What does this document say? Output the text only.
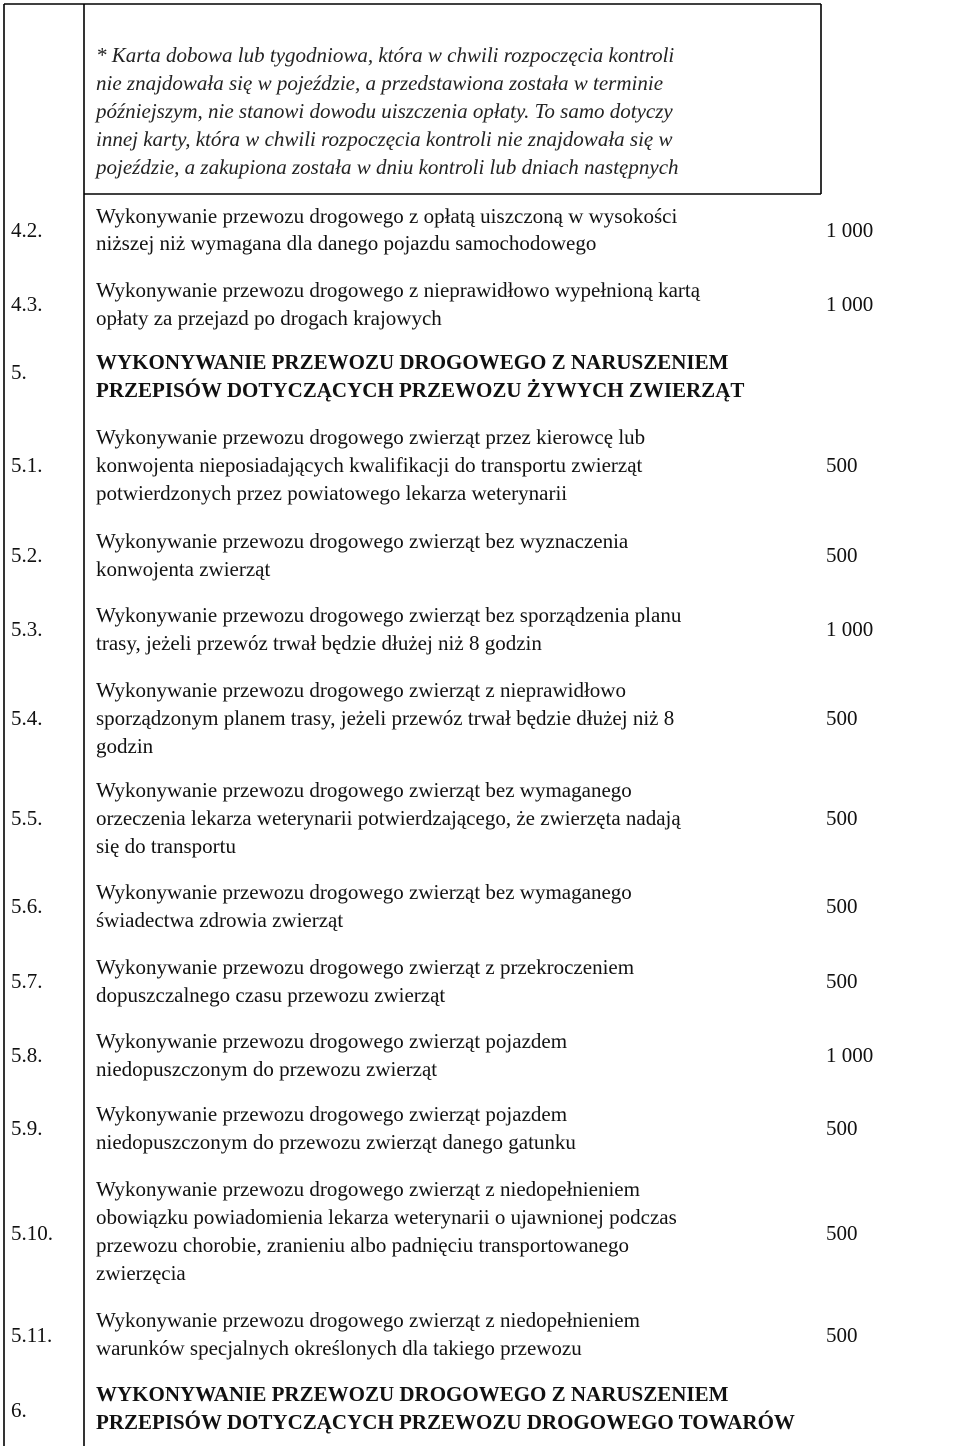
* Karta dobowa lub tygodniowa, która w chwili rozpoczęcia kontroli
nie znajdowała się w pojeździe, a przedstawiona została w terminie
późniejszym, nie stanowi dowodu uiszczenia opłaty. To samo dotyczy
innej karty, która w chwili rozpoczęcia kontroli nie znajdowała się w
pojeździe, a zakupiona została w dniu kontroli lub dniach następnych
4.2.
Wykonywanie przewozu drogowego z opłatą uiszczoną w wysokości
niższej niż wymagana dla danego pojazdu samochodowego
1 000
4.3.
Wykonywanie przewozu drogowego z nieprawidłowo wypełnioną kartą
opłaty za przejazd po drogach krajowych
1 000
5.	WYKONYWANIE PRZEWOZU DROGOWEGO Z NARUSZENIEM
PRZEPISÓW DOTYCZĄCYCH PRZEWOZU ŻYWYCH ZWIERZĄT
5.1.
Wykonywanie przewozu drogowego zwierząt przez kierowcę lub
konwojenta nieposiadających kwalifikacji do transportu zwierząt
potwierdzonych przez powiatowego lekarza weterynarii
500
5.2.
Wykonywanie przewozu drogowego zwierząt bez wyznaczenia
konwojenta zwierząt
500
5.3.
Wykonywanie przewozu drogowego zwierząt bez sporządzenia planu
trasy, jeżeli przewóz trwał będzie dłużej niż 8 godzin
1 000
5.4.
Wykonywanie przewozu drogowego zwierząt z nieprawidłowo
sporządzonym planem trasy, jeżeli przewóz trwał będzie dłużej niż 8
godzin
500
5.5.
Wykonywanie przewozu drogowego zwierząt bez wymaganego
orzeczenia lekarza weterynarii potwierdzającego, że zwierzęta nadają
się do transportu
500
5.6.
Wykonywanie przewozu drogowego zwierząt bez wymaganego
świadectwa zdrowia zwierząt
500
5.7.
Wykonywanie przewozu drogowego zwierząt z przekroczeniem
dopuszczalnego czasu przewozu zwierząt
500
5.8.
Wykonywanie przewozu drogowego zwierząt pojazdem
niedopuszczonym do przewozu zwierząt
1 000
5.9.
Wykonywanie przewozu drogowego zwierząt pojazdem
niedopuszczonym do przewozu zwierząt danego gatunku
500
5.10.
Wykonywanie przewozu drogowego zwierząt z niedopełnieniem
obowiązku powiadomienia lekarza weterynarii o ujawnionej podczas
przewozu chorobie, zranieniu albo padnięciu transportowanego
zwierzęcia
500
5.11.
Wykonywanie przewozu drogowego zwierząt z niedopełnieniem
warunków specjalnych określonych dla takiego przewozu
500
6.
WYKONYWANIE PRZEWOZU DROGOWEGO Z NARUSZENIEM
PRZEPISÓW DOTYCZĄCYCH PRZEWOZU DROGOWEGO TOWARÓW
